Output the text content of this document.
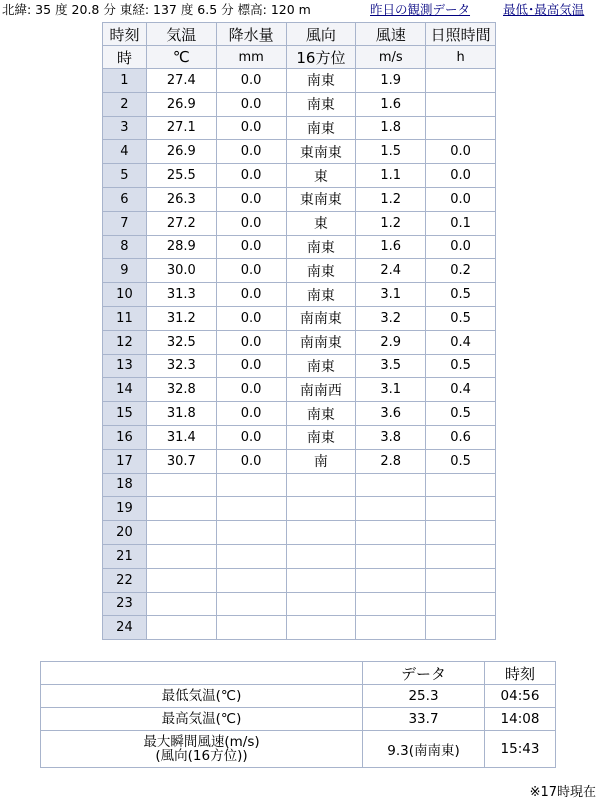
北緯: 35 度 20.8 分 東経: 137 度 6.5 分 標高: 120 m	昨日の観測データ	最低･最高気温
時刻	気温	降水量	風向	風速	日照時間
時	℃	mm	16方位	m/s	h
1	27.4	0.0	南東	1.9	
2	26.9	0.0	南東	1.6	
3	27.1	0.0	南東	1.8	
4	26.9	0.0	東南東	1.5	0.0
5	25.5	0.0	東	1.1	0.0
6	26.3	0.0	東南東	1.2	0.0
7	27.2	0.0	東	1.2	0.1
8	28.9	0.0	南東	1.6	0.0
9	30.0	0.0	南東	2.4	0.2
10	31.3	0.0	南東	3.1	0.5
11	31.2	0.0	南南東	3.2	0.5
12	32.5	0.0	南南東	2.9	0.4
13	32.3	0.0	南東	3.5	0.5
14	32.8	0.0	南南西	3.1	0.4
15	31.8	0.0	南東	3.6	0.5
16	31.4	0.0	南東	3.8	0.6
17	30.7	0.0	南	2.8	0.5
18					
19					
20					
21					
22					
23					
24					
	データ	時刻
最低気温(℃)	25.3	04:56
最高気温(℃)	33.7	14:08
最大瞬間風速(m/s)
(風向(16方位))	9.3(南南東)	15:43
※17時現在
